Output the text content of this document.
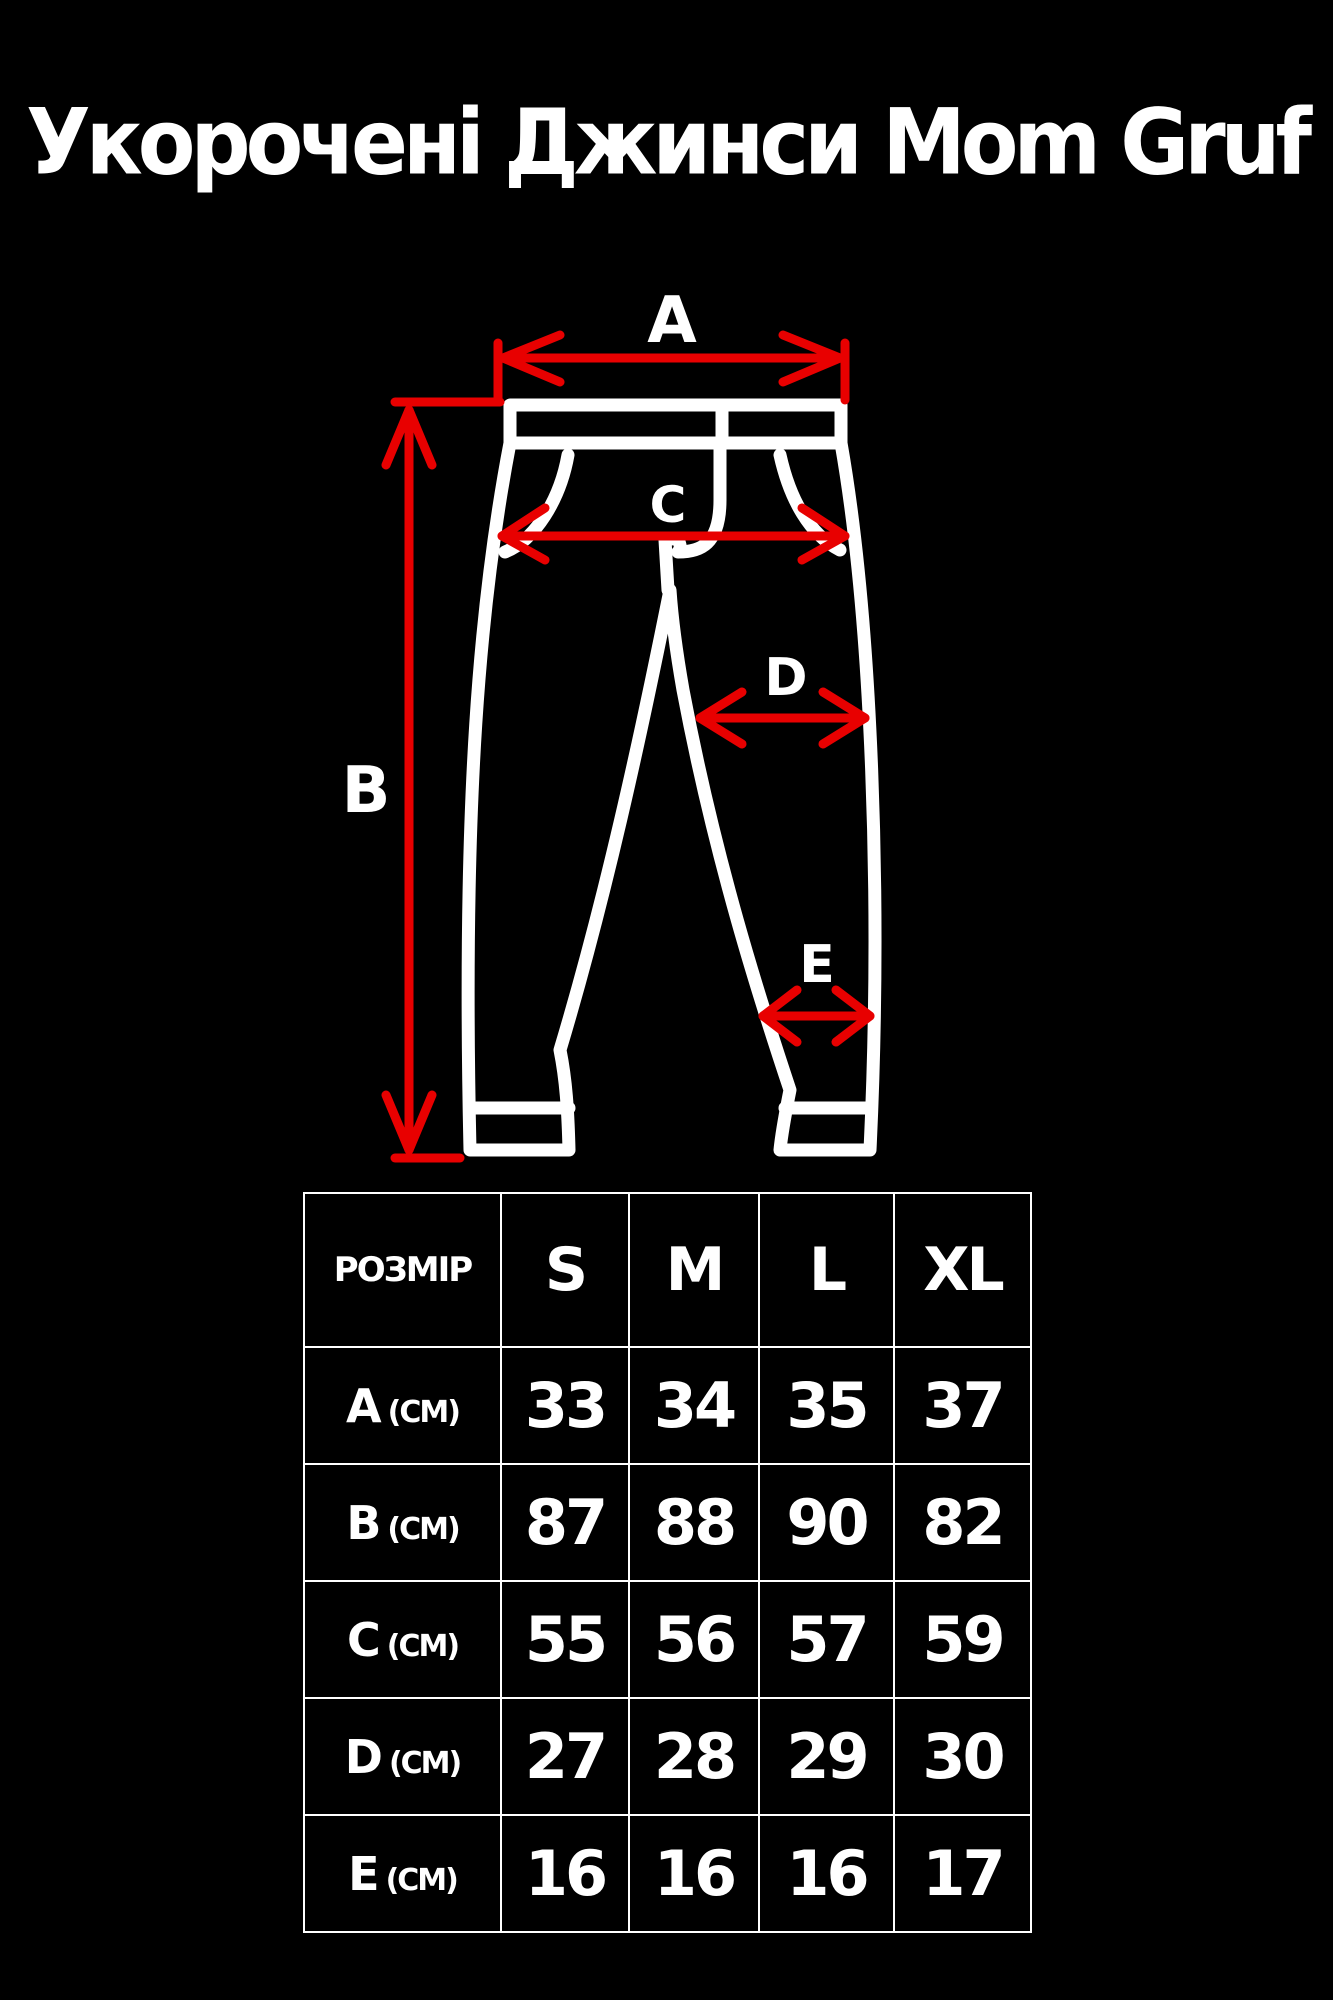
Укорочені Джинси Mom Gruf
A
B
C
D
E
РОЗМІР	S	M	L	XL
A (CM)	33	34	35	37
B (CM)	87	88	90	82
C (CM)	55	56	57	59
D (CM)	27	28	29	30
E (CM)	16	16	16	17
